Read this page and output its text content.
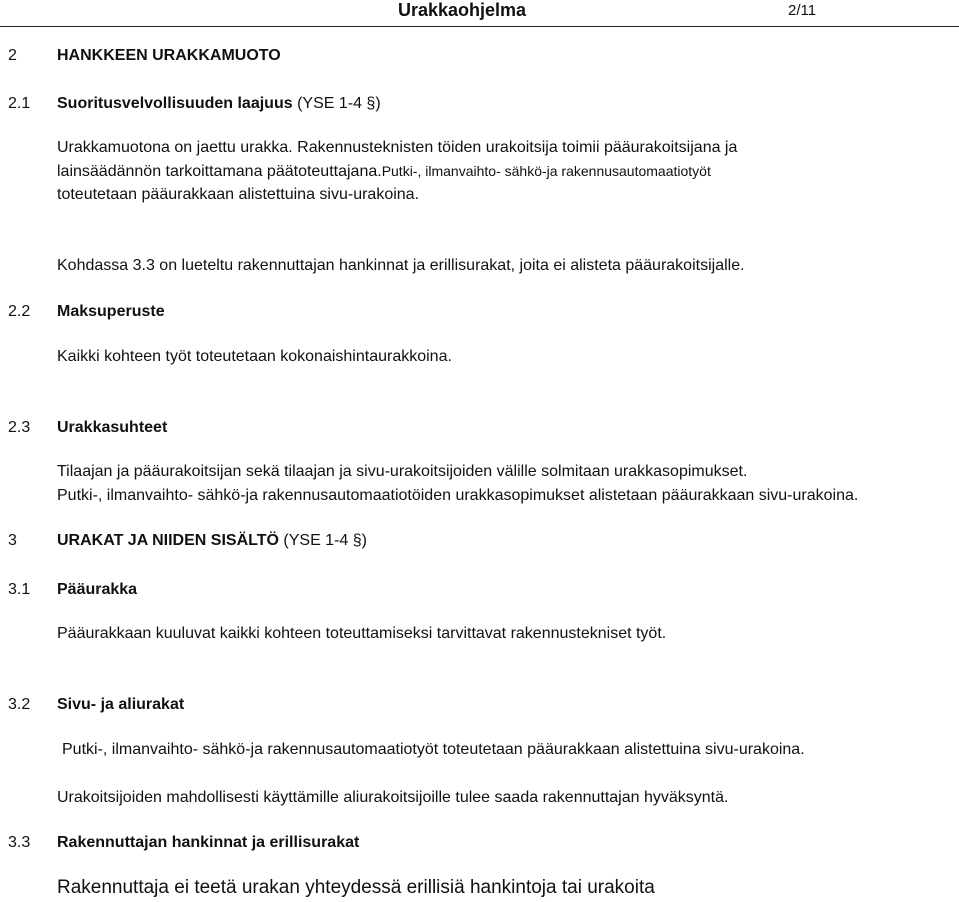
Urakkaohjelma	2/11
2	HANKKEEN URAKKAMUOTO
2.1 Suoritusvelvollisuuden laajuus (YSE 1-4 §)
Urakkamuotona on jaettu urakka. Rakennusteknisten töiden urakoitsija toimii pääurakoitsijana ja
lainsäädännön tarkoittamana päätoteuttajana.Putki-, ilmanvaihto- sähkö-ja rakennusautomaatiotyöt
toteutetaan pääurakkaan alistettuina sivu-urakoina.
Kohdassa 3.3 on lueteltu rakennuttajan hankinnat ja erillisurakat, joita ei alisteta pääurakoitsijalle.
2.2 Maksuperuste
Kaikki kohteen työt toteutetaan kokonaishintaurakkoina.
2.3 Urakkasuhteet
Tilaajan ja pääurakoitsijan sekä tilaajan ja sivu-urakoitsijoiden välille solmitaan urakkasopimukset.
Putki-, ilmanvaihto- sähkö-ja rakennusautomaatiotöiden urakkasopimukset alistetaan pääurakkaan sivu-urakoina.
3	URAKAT JA NIIDEN SISÄLTÖ (YSE 1-4 §)
3.1 Pääurakka
Pääurakkaan kuuluvat kaikki kohteen toteuttamiseksi tarvittavat rakennustekniset työt.
3.2 Sivu- ja aliurakat
Putki-, ilmanvaihto- sähkö-ja rakennusautomaatiotyöt toteutetaan pääurakkaan alistettuina sivu-urakoina.
Urakoitsijoiden mahdollisesti käyttämille aliurakoitsijoille tulee saada rakennuttajan hyväksyntä.
3.3 Rakennuttajan hankinnat ja erillisurakat
Rakennuttaja ei teetä urakan yhteydessä erillisiä hankintoja tai urakoita
